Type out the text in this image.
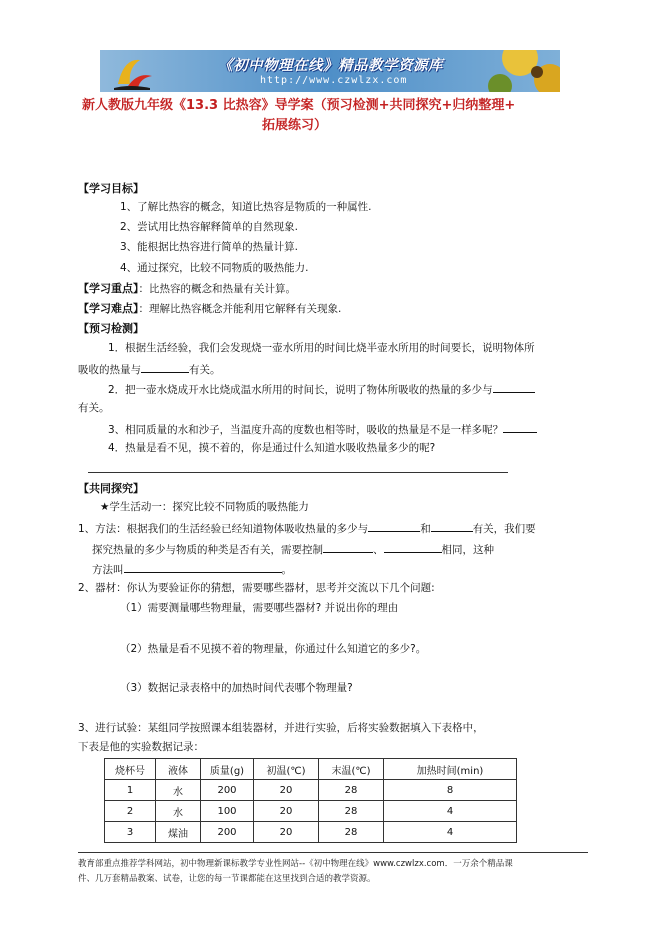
《初中物理在线》精品教学资源库
http://www.czwlzx.com
新人教版九年级《13.3 比热容》导学案（预习检测+共同探究+归纳整理+
拓展练习）
【学习目标】
1、了解比热容的概念，知道比热容是物质的一种属性.
2、尝试用比热容解释简单的自然现象.
3、能根据比热容进行简单的热量计算.
4、通过探究，比较不同物质的吸热能力.
【学习重点】：比热容的概念和热量有关计算。
【学习难点】：理解比热容概念并能利用它解释有关现象.
【预习检测】
1．根据生活经验，我们会发现烧一壶水所用的时间比烧半壶水所用的时间要长，说明物体所
吸收的热量与	有关。
2．把一壶水烧成开水比烧成温水所用的时间长，说明了物体所吸收的热量的多少与
有关。
3、相同质量的水和沙子，当温度升高的度数也相等时，吸收的热量是不是一样多呢？
4．热量是看不见，摸不着的，你是通过什么知道水吸收热量多少的呢?
【共同探究】
★学生活动一：探究比较不同物质的吸热能力
1、方法：根据我们的生活经验已经知道物体吸收热量的多少与	和	有关，我们要
探究热量的多少与物质的种类是否有关，需要控制	、	相同，这种
方法叫	。
2、器材：你认为要验证你的猜想，需要哪些器材，思考并交流以下几个问题:
（1）需要测量哪些物理量，需要哪些器材? 并说出你的理由
（2）热量是看不见摸不着的物理量，你通过什么知道它的多少?。
（3）数据记录表格中的加热时间代表哪个物理量?
3、进行试验：某组同学按照课本组装器材，并进行实验，后将实验数据填入下表格中，
下表是他的实验数据记录：
烧杯号	液体	质量(g)	初温(℃)	末温(℃)	加热时间(min)
1	水	200	20	28	8
2	水	100	20	28	4
3	煤油	200	20	28	4
教育部重点推荐学科网站，初中物理新课标教学专业性网站--《初中物理在线》www.czwlzx.com．一万余个精品课
件、几万套精品教案、试卷，让您的每一节课都能在这里找到合适的教学资源。
